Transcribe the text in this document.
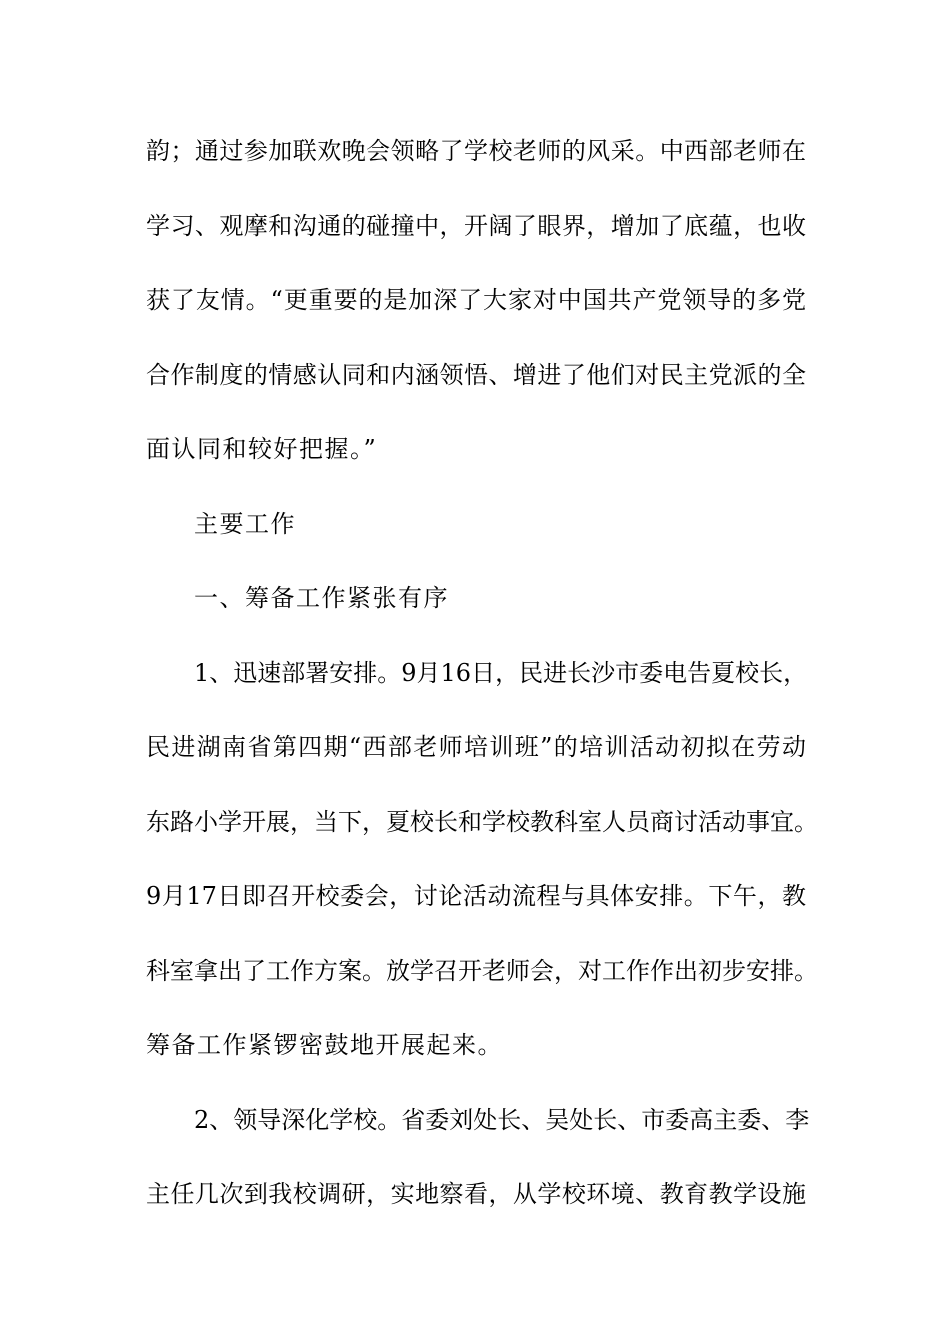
韵；通过参加联欢晚会领略了学校老师的风采。中西部老师在
学习、观摩和沟通的碰撞中，开阔了眼界，增加了底蕴，也收
获了友情。“更重要的是加深了大家对中国共产党领导的多党
合作制度的情感认同和内涵领悟、增进了他们对民主党派的全
面认同和较好把握。”
主要工作
一、筹备工作紧张有序
1、迅速部署安排。9月16日，民进长沙市委电告夏校长，
民进湖南省第四期“西部老师培训班”的培训活动初拟在劳动
东路小学开展，当下，夏校长和学校教科室人员商讨活动事宜。
9月17日即召开校委会，讨论活动流程与具体安排。下午，教
科室拿出了工作方案。放学召开老师会，对工作作出初步安排。
筹备工作紧锣密鼓地开展起来。
2、领导深化学校。省委刘处长、吴处长、市委高主委、李
主任几次到我校调研，实地察看，从学校环境、教育教学设施
